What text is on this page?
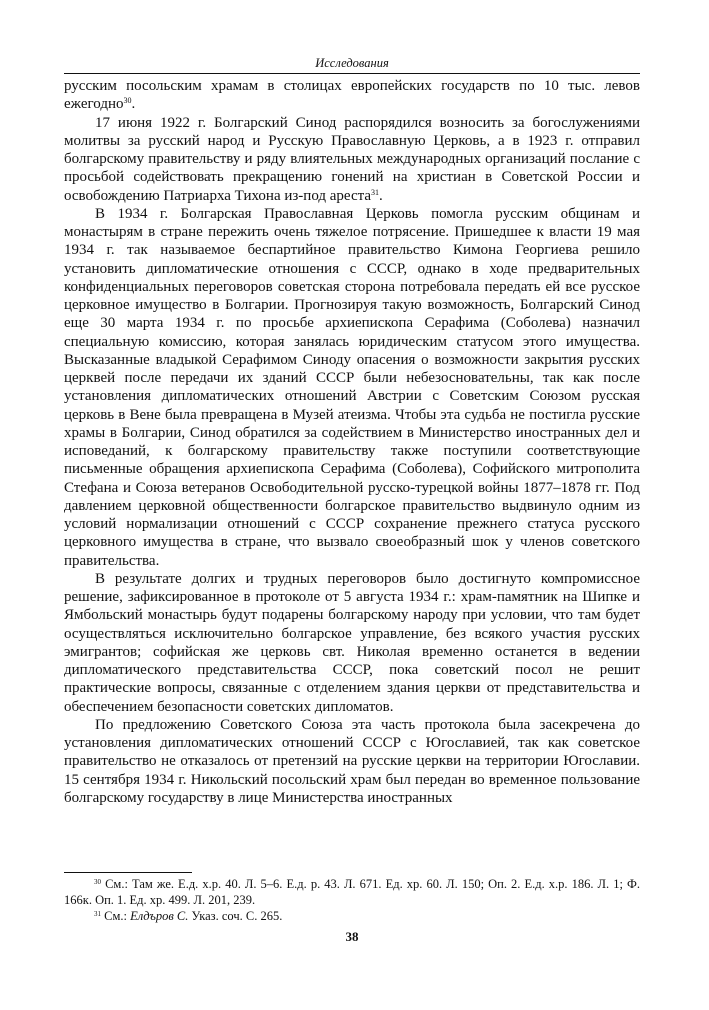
Исследования

русским посольским храмам в столицах европейских государств по 10 тыс. левов ежегодно$^{30}$.

17 июня 1922 г. Болгарский Синод распорядился возносить за богослужениями молитвы за русский народ и Русскую Православную Церковь, а в 1923 г. отправил болгарскому правительству и ряду влиятельных международных организаций послание с просьбой содействовать прекращению гонений на христиан в Советской России и освобождению Патриарха Тихона из-под ареста$^{31}$.

В 1934 г. Болгарская Православная Церковь помогла русским общинам и монастырям в стране пережить очень тяжелое потрясение. Пришедшее к власти 19 мая 1934 г. так называемое беспартийное правительство Кимона Георгиева решило установить дипломатические отношения с СССР, однако в ходе предварительных конфиденциальных переговоров советская сторона потребовала передать ей все русское церковное имущество в Болгарии. Прогнозируя такую возможность, Болгарский Синод еще 30 марта 1934 г. по просьбе архиепископа Серафима (Соболева) назначил специальную комиссию, которая занялась юридическим статусом этого имущества. Высказанные владыкой Серафимом Синоду опасения о возможности закрытия русских церквей после передачи их зданий СССР были небезосновательны, так как после установления дипломатических отношений Австрии с Советским Союзом русская церковь в Вене была превращена в Музей атеизма. Чтобы эта судьба не постигла русские храмы в Болгарии, Синод обратился за содействием в Министерство иностранных дел и исповеданий, к болгарскому правительству также поступили соответствующие письменные обращения архиепископа Серафима (Соболева), Софийского митрополита Стефана и Союза ветеранов Освободительной русско-турецкой войны 1877–1878 гг. Под давлением церковной общественности болгарское правительство выдвинуло одним из условий нормализации отношений с СССР сохранение прежнего статуса русского церковного имущества в стране, что вызвало своеобразный шок у членов советского правительства.

В результате долгих и трудных переговоров было достигнуто компромиссное решение, зафиксированное в протоколе от 5 августа 1934 г.: храм-памятник на Шипке и Ямбольский монастырь будут подарены болгарскому народу при условии, что там будет осуществляться исключительно болгарское управление, без всякого участия русских эмигрантов; софийская же церковь свт. Николая временно останется в ведении дипломатического представительства СССР, пока советский посол не решит практические вопросы, связанные с отделением здания церкви от представительства и обеспечением безопасности советских дипломатов.

По предложению Советского Союза эта часть протокола была засекречена до установления дипломатических отношений СССР с Югославией, так как советское правительство не отказалось от претензий на русские церкви на территории Югославии. 15 сентября 1934 г. Никольский посольский храм был передан во временное пользование болгарскому государству в лице Министерства иностранных

$^{30}$ См.: Там же. Е.д. х.р. 40. Л. 5–6. Е.д. р. 43. Л. 671. Ед. хр. 60. Л. 150; Оп. 2. Е.д. х.р. 186. Л. 1; Ф. 166к. Оп. 1. Ед. хр. 499. Л. 201, 239.

$^{31}$ См.: Елдъров С. Указ. соч. С. 265.

38
